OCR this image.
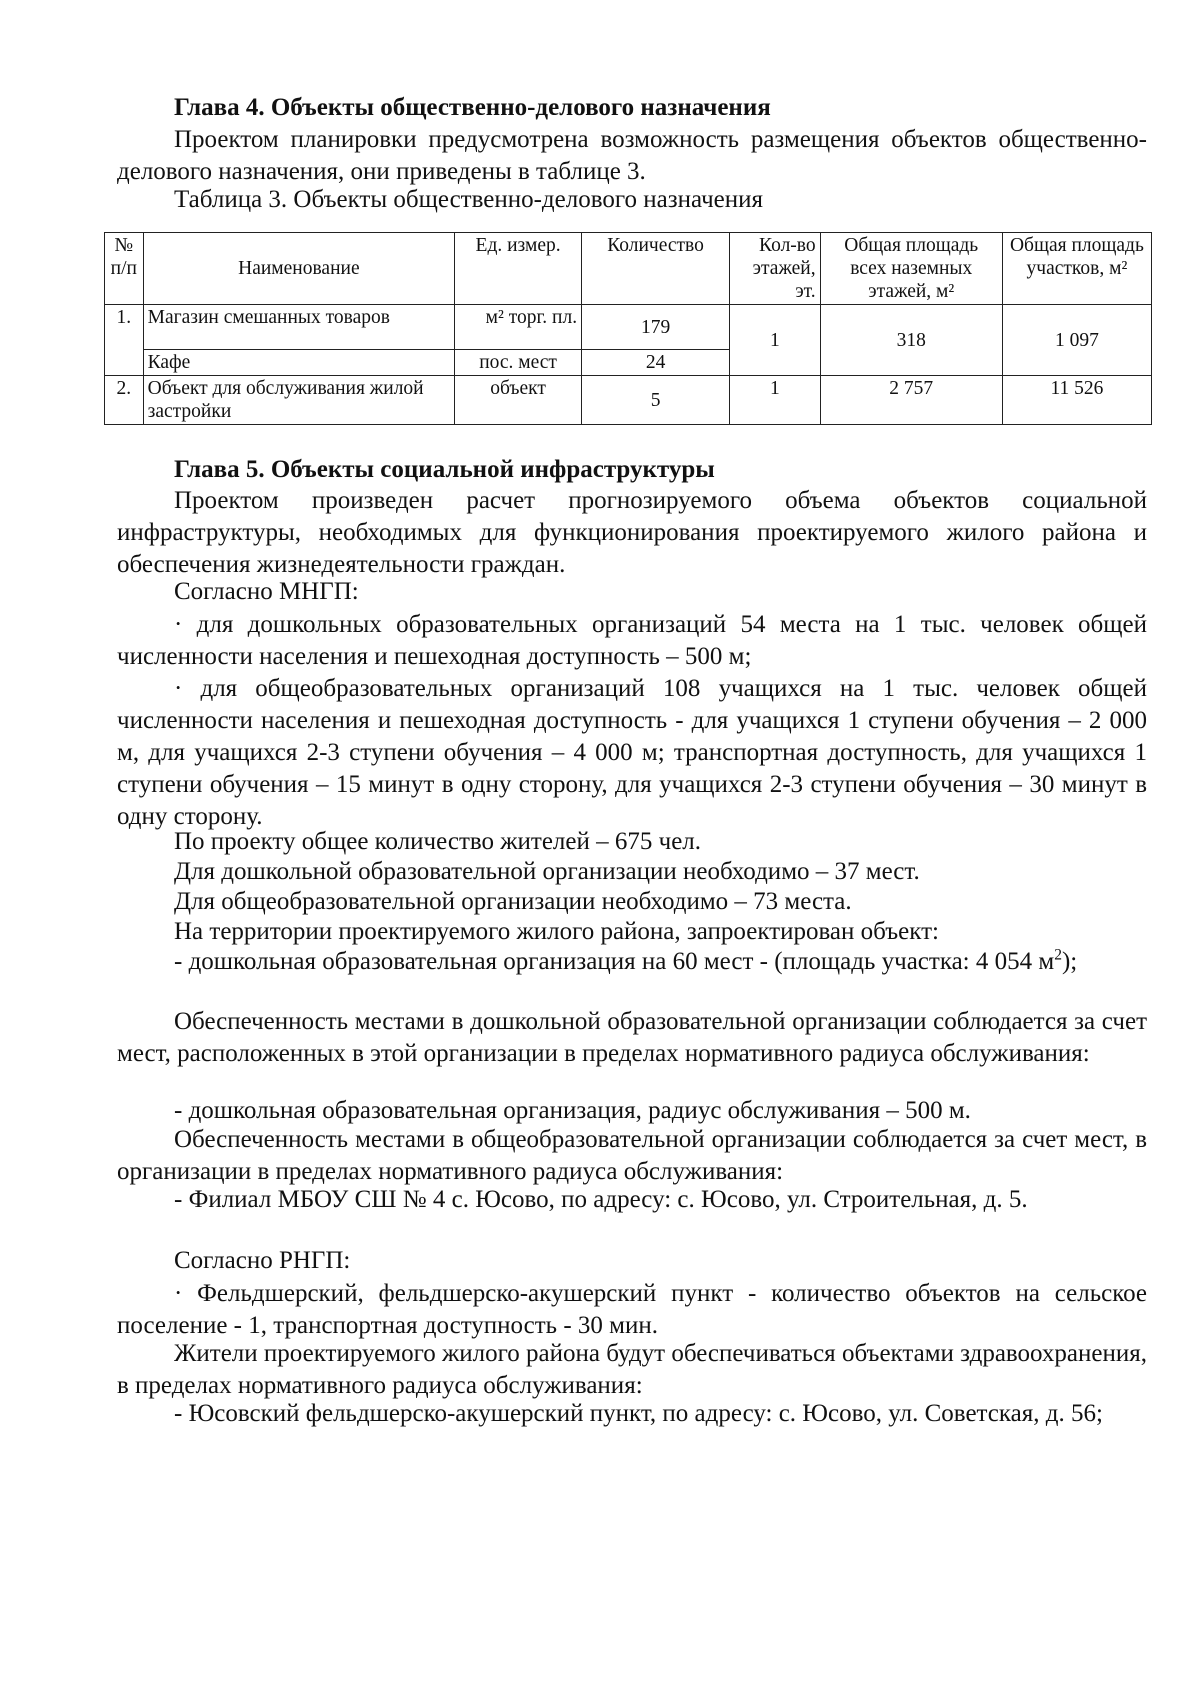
Глава 4. Объекты общественно-делового назначения

Проектом планировки предусмотрена возможность размещения объектов общественно-делового назначения, они приведены в таблице 3.

Таблица 3. Объекты общественно-делового назначения

№
п/п	Наименование	Ед. измер.	Количество	Кол-во этажей, эт.	Общая площадь всех наземных этажей, м²	Общая площадь участков, м²
1.	Магазин смешанных товаров	м² торг. пл.	179	1	318	1 097
	Кафе	пос. мест	24			
2.	Объект для обслуживания жилой застройки	объект	5	1	2 757	11 526

Глава 5. Объекты социальной инфраструктуры

Проектом произведен расчет прогнозируемого объема объектов социальной инфраструктуры, необходимых для функционирования проектируемого жилого района и обеспечения жизнедеятельности граждан.

Согласно МНГП:

· для дошкольных образовательных организаций 54 места на 1 тыс. человек общей численности населения и пешеходная доступность – 500 м;

· для общеобразовательных организаций 108 учащихся на 1 тыс. человек общей численности населения и пешеходная доступность - для учащихся 1 ступени обучения – 2 000 м, для учащихся 2-3 ступени обучения – 4 000 м; транспортная доступность, для учащихся 1 ступени обучения – 15 минут в одну сторону, для учащихся 2-3 ступени обучения – 30 минут в одну сторону.

По проекту общее количество жителей – 675 чел.

Для дошкольной образовательной организации необходимо – 37 мест.

Для общеобразовательной организации необходимо – 73 места.

На территории проектируемого жилого района, запроектирован объект:

- дошкольная образовательная организация на 60 мест - (площадь участка: 4 054 $м^2$);

Обеспеченность местами в дошкольной образовательной организации соблюдается за счет мест, расположенных в этой организации в пределах нормативного радиуса обслуживания:

- дошкольная образовательная организация, радиус обслуживания – 500 м.

Обеспеченность местами в общеобразовательной организации соблюдается за счет мест, в организации в пределах нормативного радиуса обслуживания:

- Филиал МБОУ СШ № 4 с. Юсово, по адресу: с. Юсово, ул. Строительная, д. 5.

Согласно РНГП:

· Фельдшерский, фельдшерско-акушерский пункт - количество объектов на сельское поселение - 1, транспортная доступность - 30 мин.

Жители проектируемого жилого района будут обеспечиваться объектами здравоохранения, в пределах нормативного радиуса обслуживания:

- Юсовский фельдшерско-акушерский пункт, по адресу: с. Юсово, ул. Советская, д. 56;
